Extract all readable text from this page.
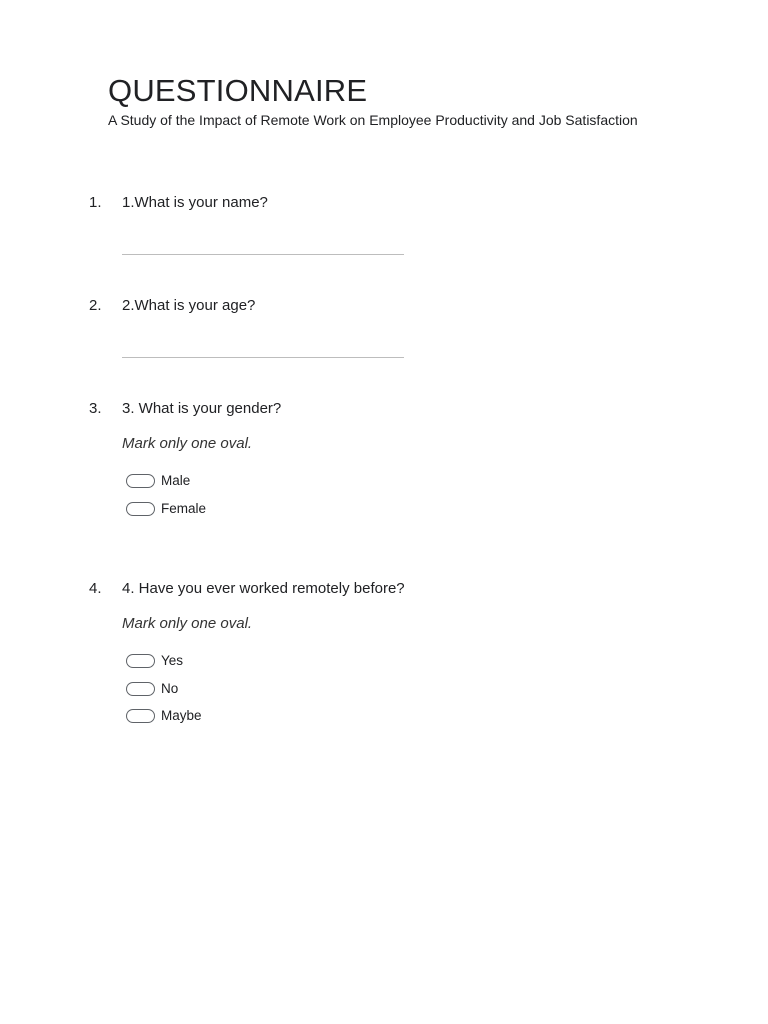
QUESTIONNAIRE

A Study of the Impact of Remote Work on Employee Productivity and Job Satisfaction

1. 1.What is your name?
2. 2.What is your age?
3. 3. What is your gender?
Mark only one oval.
Male
Female
4. 4. Have you ever worked remotely before?
Mark only one oval.
Yes
No
Maybe
